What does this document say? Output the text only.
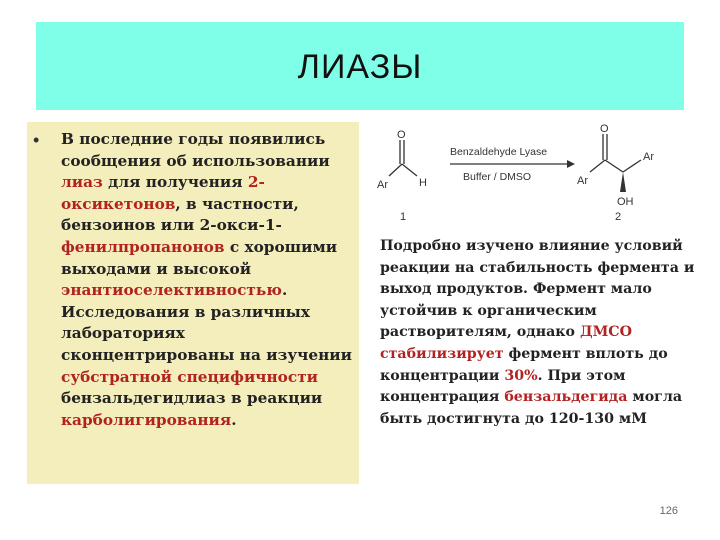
ЛИАЗЫ
• В последние годы появились сообщения об использовании лиаз для получения 2-оксикетонов, в частности, бензоинов или 2-окси-1-фенилпропанонов с хорошими выходами и высокой энантиоселективностью. Исследования в различных лабораториях сконцентрированы на изучении субстратной специфичности бензальдегидлиаз в реакции карболигирования.
O
Ar	H
1
Benzaldehyde Lyase
Buffer / DMSO
O
Ar
Ar
OH
2
Подробно изучено влияние условий реакции на стабильность фермента и выход продуктов. Фермент мало устойчив к органическим растворителям, однако ДМСО стабилизирует фермент вплоть до концентрации 30%. При этом концентрация бензальдегида могла быть достигнута до 120-130 мМ
126
